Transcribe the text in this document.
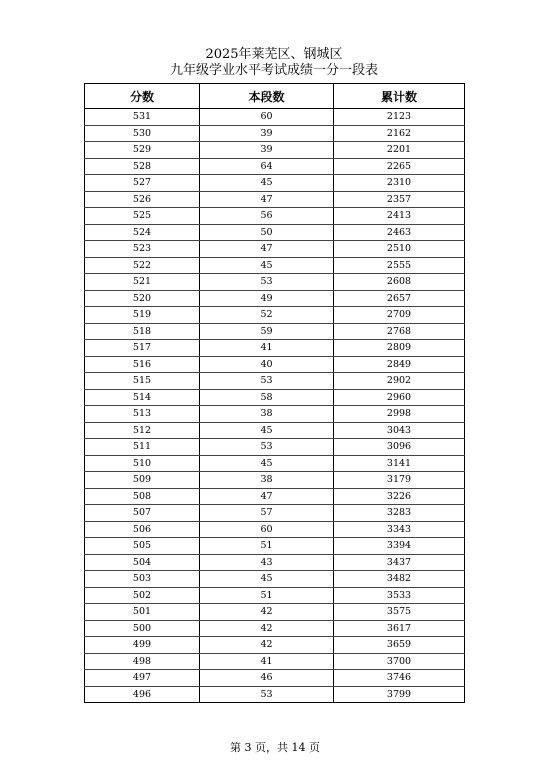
2025年莱芜区、钢城区
九年级学业水平考试成绩一分一段表
分数	本段数	累计数
531	60	2123
530	39	2162
529	39	2201
528	64	2265
527	45	2310
526	47	2357
525	56	2413
524	50	2463
523	47	2510
522	45	2555
521	53	2608
520	49	2657
519	52	2709
518	59	2768
517	41	2809
516	40	2849
515	53	2902
514	58	2960
513	38	2998
512	45	3043
511	53	3096
510	45	3141
509	38	3179
508	47	3226
507	57	3283
506	60	3343
505	51	3394
504	43	3437
503	45	3482
502	51	3533
501	42	3575
500	42	3617
499	42	3659
498	41	3700
497	46	3746
496	53	3799
第 3 页，共 14 页
